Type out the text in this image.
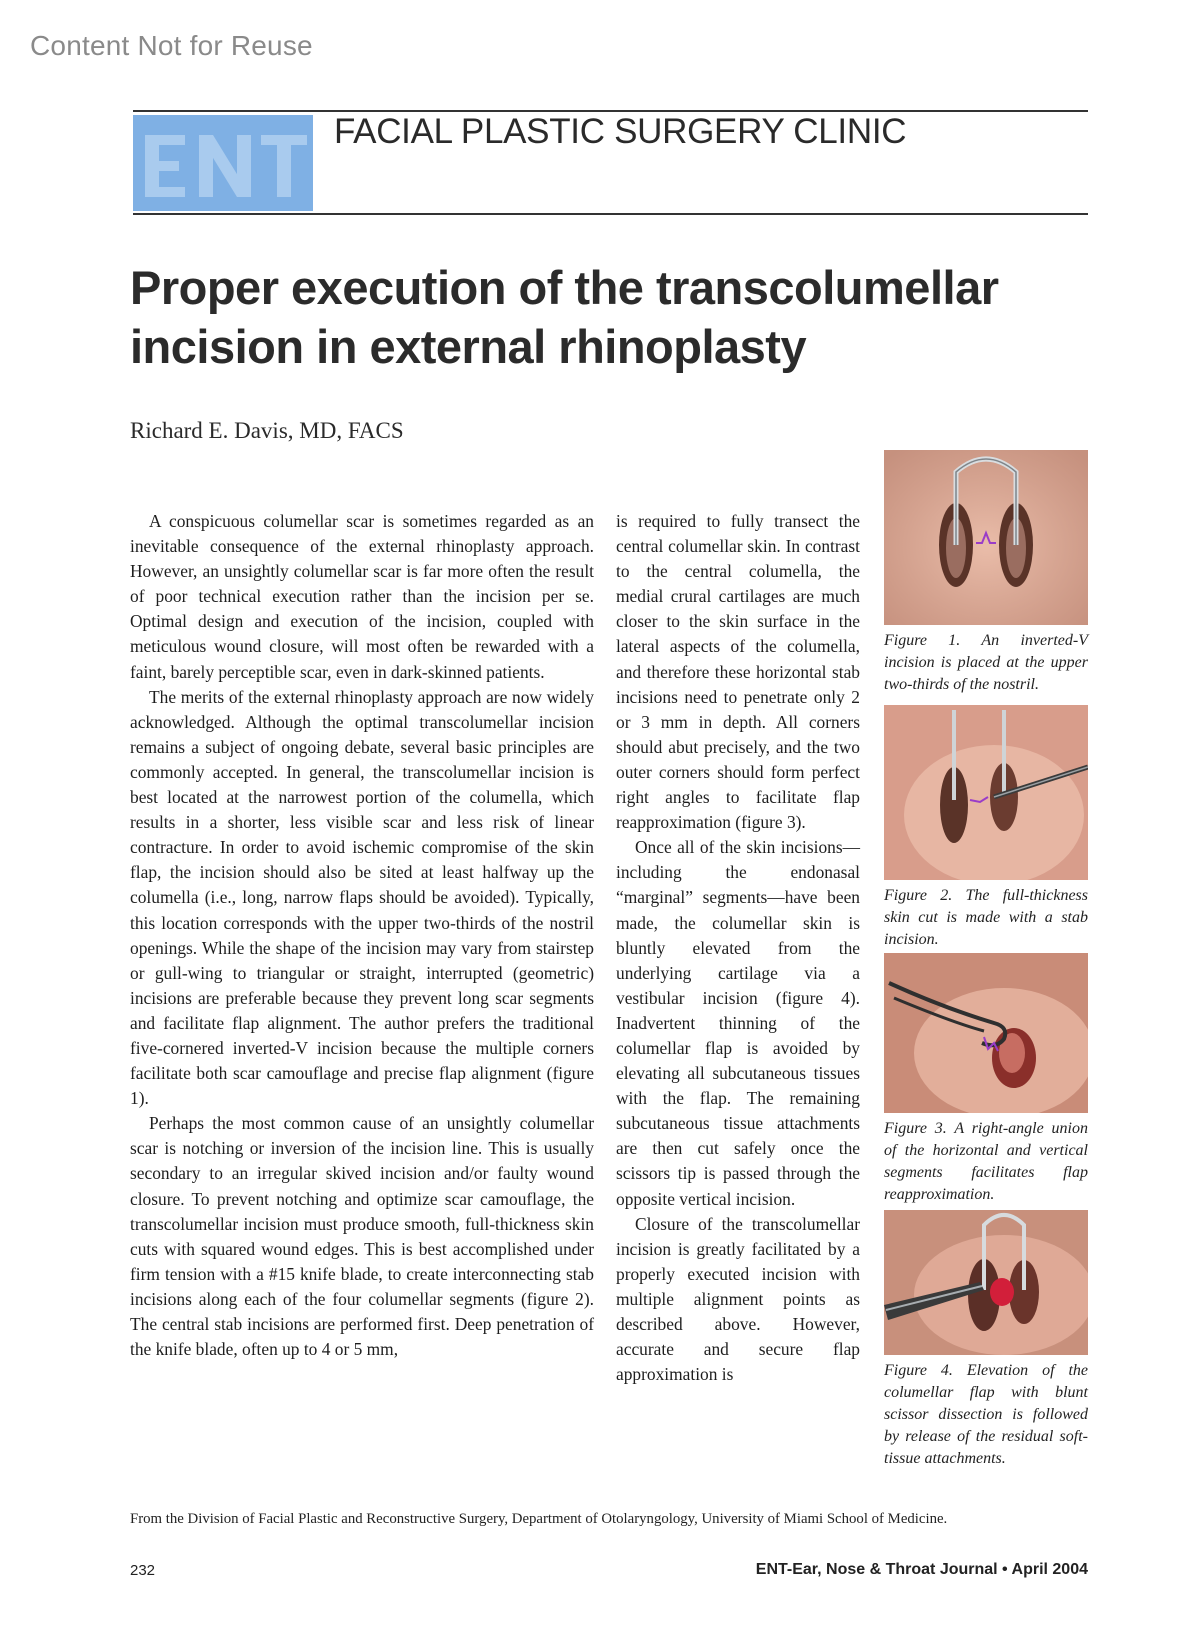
Content Not for Reuse
FACIAL PLASTIC SURGERY CLINIC
Proper execution of the transcolumellar
incision in external rhinoplasty
Richard E. Davis, MD, FACS

A conspicuous columellar scar is sometimes regarded as an inevitable consequence of the external rhinoplasty approach. However, an unsightly columellar scar is far more often the result of poor technical execution rather than the incision per se. Optimal design and execution of the incision, coupled with meticulous wound closure, will most often be rewarded with a faint, barely perceptible scar, even in dark-skinned patients.

The merits of the external rhinoplasty approach are now widely acknowledged. Although the optimal transcolumellar incision remains a subject of ongoing debate, several basic principles are commonly accepted. In general, the transcolumellar incision is best located at the narrowest portion of the columella, which results in a shorter, less visible scar and less risk of linear contracture. In order to avoid ischemic compromise of the skin flap, the incision should also be sited at least halfway up the columella (i.e., long, narrow flaps should be avoided). Typically, this location corresponds with the upper two-thirds of the nostril openings. While the shape of the incision may vary from stairstep or gull-wing to triangular or straight, interrupted (geometric) incisions are preferable because they prevent long scar segments and facilitate flap alignment. The author prefers the traditional five-cornered inverted-V incision because the multiple corners facilitate both scar camouflage and precise flap alignment (figure 1).

Perhaps the most common cause of an unsightly columellar scar is notching or inversion of the incision line. This is usually secondary to an irregular skived incision and/or faulty wound closure. To prevent notching and optimize scar camouflage, the transcolumellar incision must produce smooth, full-thickness skin cuts with squared wound edges. This is best accomplished under firm tension with a #15 knife blade, to create interconnecting stab incisions along each of the four columellar segments (figure 2). The central stab incisions are performed first. Deep penetration of the knife blade, often up to 4 or 5 mm,

is required to fully transect the central columellar skin. In contrast to the central columella, the medial crural cartilages are much closer to the skin surface in the lateral aspects of the columella, and therefore these horizontal stab incisions need to penetrate only 2 or 3 mm in depth. All corners should abut precisely, and the two outer corners should form perfect right angles to facilitate flap reapproximation (figure 3).

Once all of the skin incisions—including the endonasal “marginal” segments—have been made, the columellar skin is bluntly elevated from the underlying cartilage via a vestibular incision (figure 4). Inadvertent thinning of the columellar flap is avoided by elevating all subcutaneous tissues with the flap. The remaining subcutaneous tissue attachments are then cut safely once the scissors tip is passed through the opposite vertical incision.

Closure of the transcolumellar incision is greatly facilitated by a properly executed incision with multiple alignment points as described above. However, accurate and secure flap approximation is

Figure 1. An inverted-V incision is placed at the upper two-thirds of the nostril.
Figure 2. The full-thickness skin cut is made with a stab incision.
Figure 3. A right-angle union of the horizontal and vertical segments facilitates flap reapproximation.
Figure 4. Elevation of the columellar flap with blunt scissor dissection is followed by release of the residual soft-tissue attachments.
From the Division of Facial Plastic and Reconstructive Surgery, Department of Otolaryngology, University of Miami School of Medicine.
232	ENT-Ear, Nose & Throat Journal • April 2004
